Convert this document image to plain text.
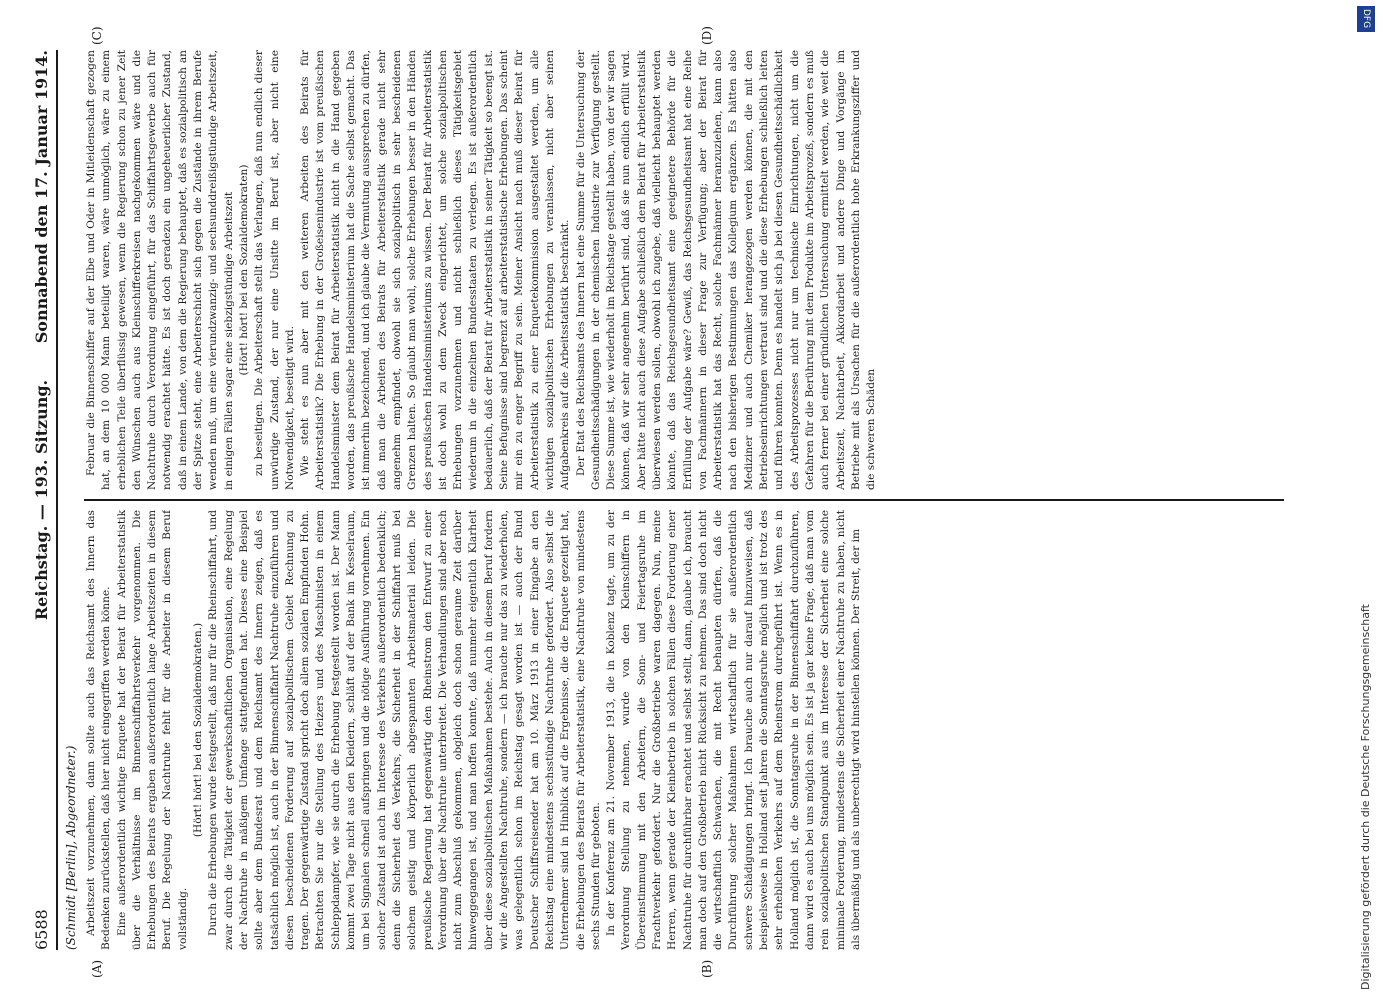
6588
Reichstag. — 193. Sitzung.
Sonnabend den 17. Januar 1914.
(Schmidt [Berlin], Abgeordneter.)
(A)	(B)
(C)	(D)

Arbeitszeit vorzunehmen, dann sollte auch das Reichsamt des Innern das Bedenken zurückstellen, daß hier nicht eingegriffen werden könne. Eine außerordentlich wichtige Enquete hat der Beirat für Arbeiterstatistik über die Verhältnisse im Binnenschiffahrtsverkehr vorgenommen. Die Erhebungen des Beirats ergaben außerordentlich lange Arbeitszeiten in diesem Beruf. Die Regelung der Nachtruhe fehlt für die Arbeiter in diesem Beruf vollständig.

(Hört! hört! bei den Sozialdemokraten.) Durch die Erhebungen wurde festgestellt, daß nur für die Rheinschiffahrt, und zwar durch die Tätigkeit der gewerkschaftlichen Organisation, eine Regelung der Nachtruhe in mäßigem Umfange stattgefunden hat. Dieses eine Beispiel sollte aber dem Bundesrat und dem Reichsamt des Innern zeigen, daß es tatsächlich möglich ist, auch in der Binnenschiffahrt Nachtruhe einzuführen und diesen bescheidenen Forderung auf sozialpolitischem Gebiet Rechnung zu tragen. Der gegenwärtige Zustand spricht doch allem sozialen Empfinden Hohn. Betrachten Sie nur die Stellung des Heizers und des Maschinisten in einem Schleppdampfer, wie sie durch die Erhebung festgestellt worden ist. Der Mann kommt zwei Tage nicht aus den Kleidern, schläft auf der Bank im Kesselraum, um bei Signalen schnell aufspringen und die nötige Ausführung vornehmen. Ein solcher Zustand ist auch im Interesse des Verkehrs außerordentlich bedenklich; denn die Sicherheit des Verkehrs, die Sicherheit in der Schiffahrt muß bei solchem geistig und körperlich abgespannten Arbeitsmaterial leiden. Die preußische Regierung hat gegenwärtig den Rheinstrom den Entwurf zu einer Verordnung über die Nachtruhe unterbreitet. Die Verhandlungen sind aber noch nicht zum Abschluß gekommen, obgleich doch schon geraume Zeit darüber hinweggegangen ist, und man hoffen konnte, daß nunmehr eigentlich Klarheit über diese sozialpolitischen Maßnahmen bestehe. Auch in diesem Beruf fordern wir die Angestellten Nachtruhe, sondern — ich brauche nur das zu wiederholen, was gelegentlich schon im Reichstag gesagt worden ist — auch der Bund Deutscher Schiffsreisender hat am 10. März 1913 in einer Eingabe an den Reichstag eine mindestens sechsstündige Nachtruhe gefordert. Also selbst die Unternehmer sind in Hinblick auf die Ergebnisse, die die Enquete gezeitigt hat, die Erhebungen des Beirats für Arbeiterstatistik, eine Nachtruhe von mindestens sechs Stunden für geboten. In der Konferenz am 21. November 1913, die in Koblenz tagte, um zu der Verordnung Stellung zu nehmen, wurde von den Kleinschiffern in Übereinstimmung mit den Arbeitern, die Sonn- und Feiertagsruhe im Frachtverkehr gefordert. Nur die Großbetriebe waren dagegen. Nun, meine Herren, wenn gerade der Kleinbetrieb in solchen Fällen diese Forderung einer Nachtruhe für durchführbar erachtet und selbst stellt, dann, glaube ich, braucht man doch auf den Großbetrieb nicht Rücksicht zu nehmen. Das sind doch nicht die wirtschaftlich Schwachen, die mit Recht behaupten dürfen, daß die Durchführung solcher Maßnahmen wirtschaftlich für sie außerordentlich schwere Schädigungen bringt. Ich brauche auch nur darauf hinzuweisen, daß beispielsweise in Holland seit Jahren die Sonntagsruhe möglich und ist trotz des sehr erheblichen Verkehrs auf dem Rheinstrom durchgeführt ist. Wenn es in Holland möglich ist, die Sonntagsruhe in der Binnenschiffahrt durchzuführen, dann wird es auch bei uns möglich sein. Es ist ja gar keine Frage, daß man vom rein sozialpolitischen Standpunkt aus im Interesse der Sicherheit eine solche minimale Forderung, mindestens die Sicherheit einer Nachtruhe zu haben, nicht als übermäßig und als unberechtigt wird hinstellen können. Der Streit, der im

Februar die Binnenschiffer auf der Elbe und Oder in Mitleidenschaft gezogen hat, an dem 10 000 Mann beteiligt waren, wäre unmöglich, wäre zu einem erheblichen Teile überflüssig gewesen, wenn die Regierung schon zu jener Zeit den Wünschen auch aus Kleinschifferkreisen nachgekommen wäre und die Nachtruhe durch Verordnung eingeführt, für das Schiffahrtsgewerbe auch für notwendig erachtet hätte. Es ist doch geradezu ein ungeheuerlicher Zustand, daß in einem Lande, von dem die Regierung behauptet, daß es sozialpolitisch an der Spitze steht, eine Arbeiterschicht sich gegen die Zustände in ihrem Berufe wenden muß, um eine vierundzwanzig- und sechsunddreißigstündige Arbeitszeit, in einigen Fällen sogar eine siebzigstündige Arbeitszeit (Hört! hört! bei den Sozialdemokraten) zu beseitigen. Die Arbeiterschaft stellt das Verlangen, daß nun endlich dieser unwürdige Zustand, der nur eine Unsitte im Beruf ist, aber nicht eine Notwendigkeit, beseitigt wird. Wie steht es nun aber mit den weiteren Arbeiten des Beirats für Arbeiterstatistik? Die Erhebung in der Großeisenindustrie ist vom preußischen Handelsminister dem Beirat für Arbeiterstatistik nicht in die Hand gegeben worden, das preußische Handelsministerium hat die Sache selbst gemacht. Das ist immerhin bezeichnend, und ich glaube die Vermutung aussprechen zu dürfen, daß man die Arbeiten des Beirats für Arbeiterstatistik gerade nicht sehr angenehm empfindet, obwohl sie sich sozialpolitisch in sehr bescheidenen Grenzen halten. So glaubt man wohl, solche Erhebungen besser in den Händen des preußischen Handelsministeriums zu wissen. Der Beirat für Arbeiterstatistik ist doch wohl zu dem Zweck eingerichtet, um solche sozialpolitischen Erhebungen vorzunehmen und nicht schließlich dieses Tätigkeitsgebiet wiederum in die einzelnen Bundesstaaten zu verlegen. Es ist außerordentlich bedauerlich, daß der Beirat für Arbeiterstatistik in seiner Tätigkeit so beengt ist. Seine Befugnisse sind begrenzt auf arbeiterstatistische Erhebungen. Das scheint mir ein zu enger Begriff zu sein. Meiner Ansicht nach muß dieser Beirat für Arbeiterstatistik zu einer Enquetekommission ausgestaltet werden, um alle wichtigen sozialpolitischen Erhebungen zu veranlassen, nicht aber seinen Aufgabenkreis auf die Arbeitsstatistik beschränkt. Der Etat des Reichsamts des Innern hat eine Summe für die Untersuchung der Gesundheitsschädigungen in der chemischen Industrie zur Verfügung gestellt. Diese Summe ist, wie wiederholt im Reichstage gestellt haben, von der wir sagen können, daß wir sehr angenehm berührt sind, daß sie nun endlich erfüllt wird. Aber hätte nicht auch diese Aufgabe schließlich dem Beirat für Arbeiterstatistik überwiesen werden sollen, obwohl ich zugebe, daß vielleicht behauptet werden könnte, daß das Reichsgesundheitsamt eine geeignetere Behörde für die Erfüllung der Aufgabe wäre? Gewiß, das Reichsgesundheitsamt hat eine Reihe von Fachmännern in dieser Frage zur Verfügung; aber der Beirat für Arbeiterstatistik hat das Recht, solche Fachmänner heranzuziehen, kann also nach den bisherigen Bestimmungen das Kollegium ergänzen. Es hätten also Mediziner und auch Chemiker herangezogen werden können, die mit den Betriebseinrichtungen vertraut sind und die diese Erhebungen schließlich leiten und führen konnten. Denn es handelt sich ja bei diesen Gesundheitsschädlichkeit des Arbeitsprozesses nicht nur um technische Einrichtungen, nicht um die Gefahren für die Berührung mit dem Produkte im Arbeitsprozeß, sondern es muß auch ferner bei einer gründlichen Untersuchung ermittelt werden, wie weit die Arbeitszeit, Nachtarbeit, Akkordarbeit und andere Dinge und Vorgänge im Betriebe mit als Ursachen für die außerordentlich hohe Erkrankungsziffer und die schweren Schäden

Digitalisierung gefördert durch die Deutsche Forschungsgemeinschaft
DFG
